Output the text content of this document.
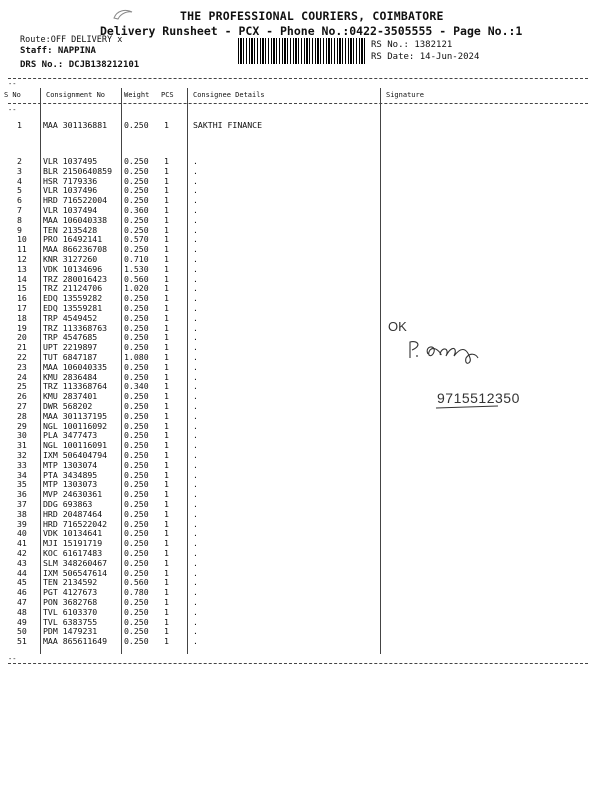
THE PROFESSIONAL COURIERS, COIMBATORE
Delivery Runsheet - PCX - Phone No.:0422-3505555 - Page No.:1
Route:OFF DELIVERY x
Staff: NAPPINA
DRS No.: DCJB138212101
RS No.: 1382121
RS Date: 14-Jun-2024
--
S No	Consignment No	Weight PCS	Consignee Details	Signature
--
1	MAA 301136881 0.250 1	SAKTHI FINANCE
2	VLR 1037495	0.250 1	.
3	BLR 2150640859 0.250 1	.
4	HSR 7179336	0.250 1	.
5	VLR 1037496	0.250 1	.
6	HRD 716522004 0.250 1	.
7	VLR 1037494	0.360 1	.
8	MAA 106040338 0.250 1	.
9	TEN 2135428	0.250 1	.
10 PRO 16492141	0.570 1	.
11 MAA 866236708 0.250 1	.
12 KNR 3127260	0.710 1	.
13 VDK 10134696	1.530 1	.
14 TRZ 280016423 0.560 1	.
15 TRZ 21124706	1.020 1	.
16 EDQ 13559282	0.250 1	.
17 EDQ 13559281	0.250 1	.
18 TRP 4549452	0.250 1	.
19 TRZ 113368763 0.250 1	.
20 TRP 4547685	0.250 1	.
21 UPT 2219897	0.250 1	.
22 TUT 6847187	1.080 1	.
23 MAA 106040335 0.250 1	.
24 KMU 2836484	0.250 1	.
25 TRZ 113368764 0.340 1	.
26 KMU 2837401	0.250 1	.
27 DWR 568202	0.250 1	.
28 MAA 301137195 0.250 1	.
29 NGL 100116092 0.250 1	.
30 PLA 3477473	0.250 1	.
31 NGL 100116091 0.250 1	.
32 IXM 506404794 0.250 1	.
33 MTP 1303074	0.250 1	.
34 PTA 3434895	0.250 1	.
35 MTP 1303073	0.250 1	.
36 MVP 24630361	0.250 1	.
37 DDG 693863	0.250 1	.
38 HRD 20487464	0.250 1	.
39 HRD 716522042 0.250 1	.
40 VDK 10134641	0.250 1	.
41 MJI 15191719	0.250 1	.
42 KOC 61617483	0.250 1	.
43 SLM 348260467 0.250 1	.
44 IXM 506547614 0.250 1	.
45 TEN 2134592	0.560 1	.
46 PGT 4127673	0.780 1	.
47 PON 3682768	0.250 1	.
48 TVL 6103370	0.250 1	.
49 TVL 6383755	0.250 1	.
50 PDM 1479231	0.250 1	.
51 MAA 865611649 0.250 1	.
--
OK
9715512350
